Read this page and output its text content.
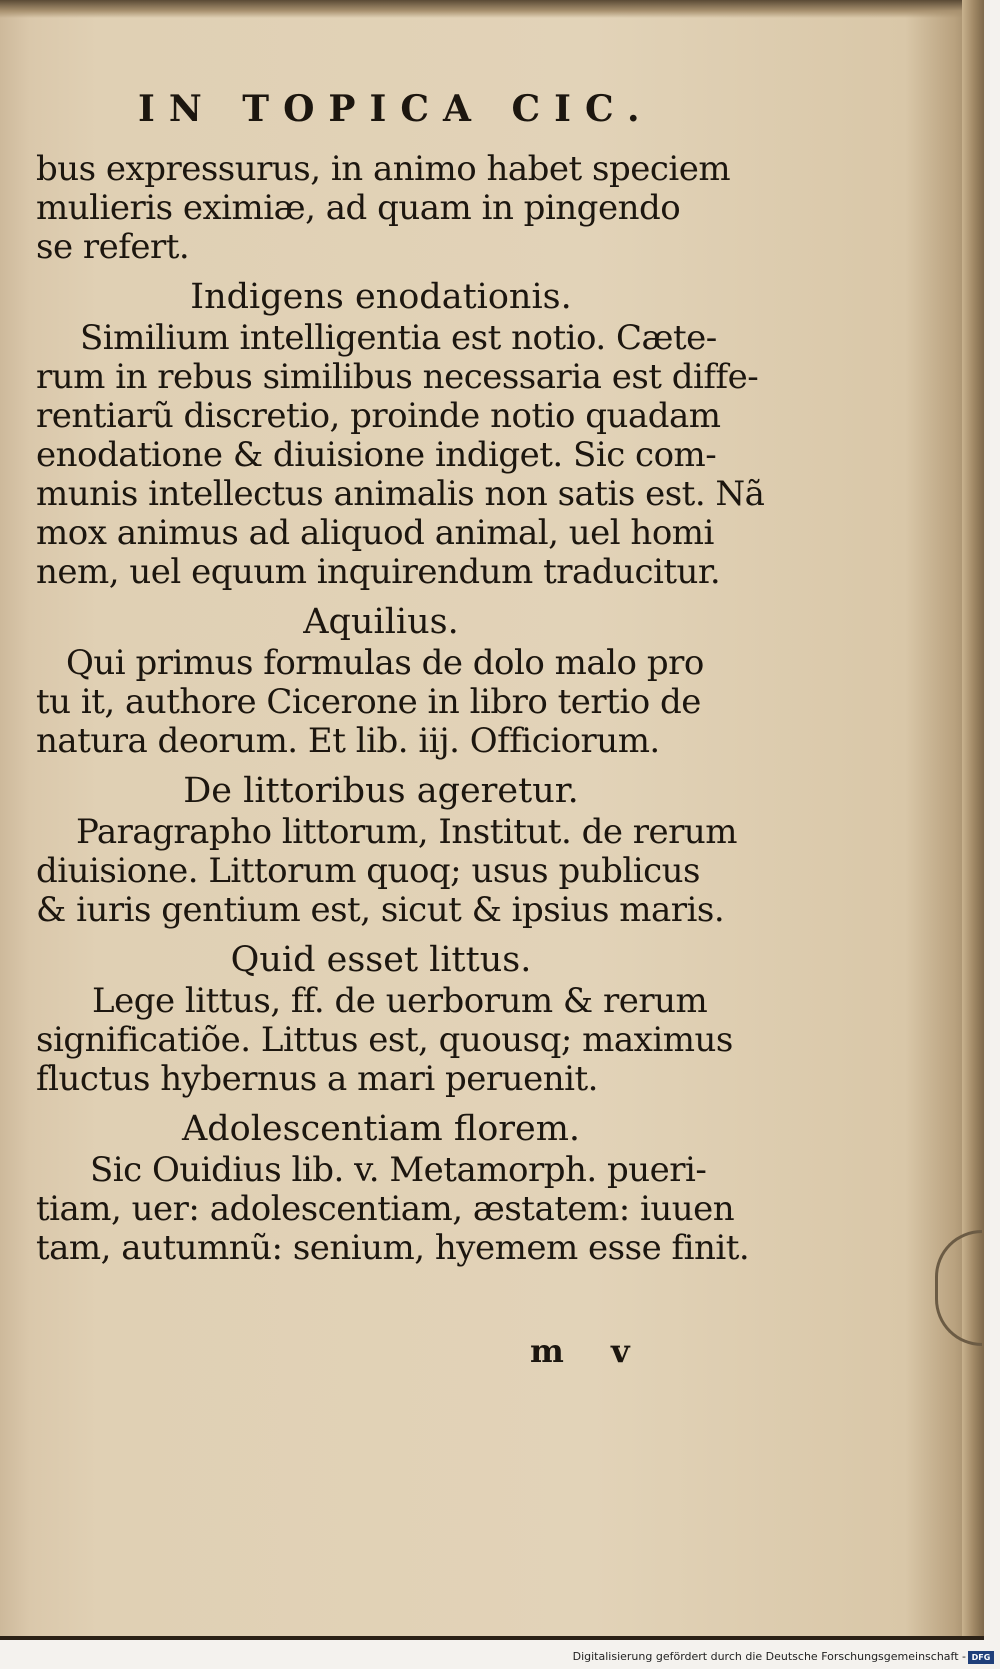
IN TOPICA CIC.
bus expressurus, in animo habet speciem
mulieris eximiæ, ad quam in pingendo
se refert.
Indigens enodationis.
Similium intelligentia est notio. Cæte-
rum in rebus similibus necessaria est diffe-
rentiarũ discretio, proinde notio quadam
enodatione & diuisione indiget. Sic com-
munis intellectus animalis non satis est. Nã
mox animus ad aliquod animal, uel homi
nem, uel equum inquirendum traducitur.
Aquilius.
Qui primus formulas de dolo malo pro
tu it, authore Cicerone in libro tertio de
natura deorum. Et lib. iij. Officiorum.
De littoribus ageretur.
Paragrapho littorum, Institut. de rerum
diuisione. Littorum quoq; usus publicus
& iuris gentium est, sicut & ipsius maris.
Quid esset littus.
Lege littus, ff. de uerborum & rerum
significatiõe. Littus est, quousq; maximus
fluctus hybernus a mari peruenit.
Adolescentiam florem.
Sic Ouidius lib. v. Metamorph. pueri-
tiam, uer: adolescentiam, æstatem: iuuen
tam, autumnũ: senium, hyemem esse finit.
m v
Digitalisierung gefördert durch die Deutsche Forschungsgemeinschaft - DFG
